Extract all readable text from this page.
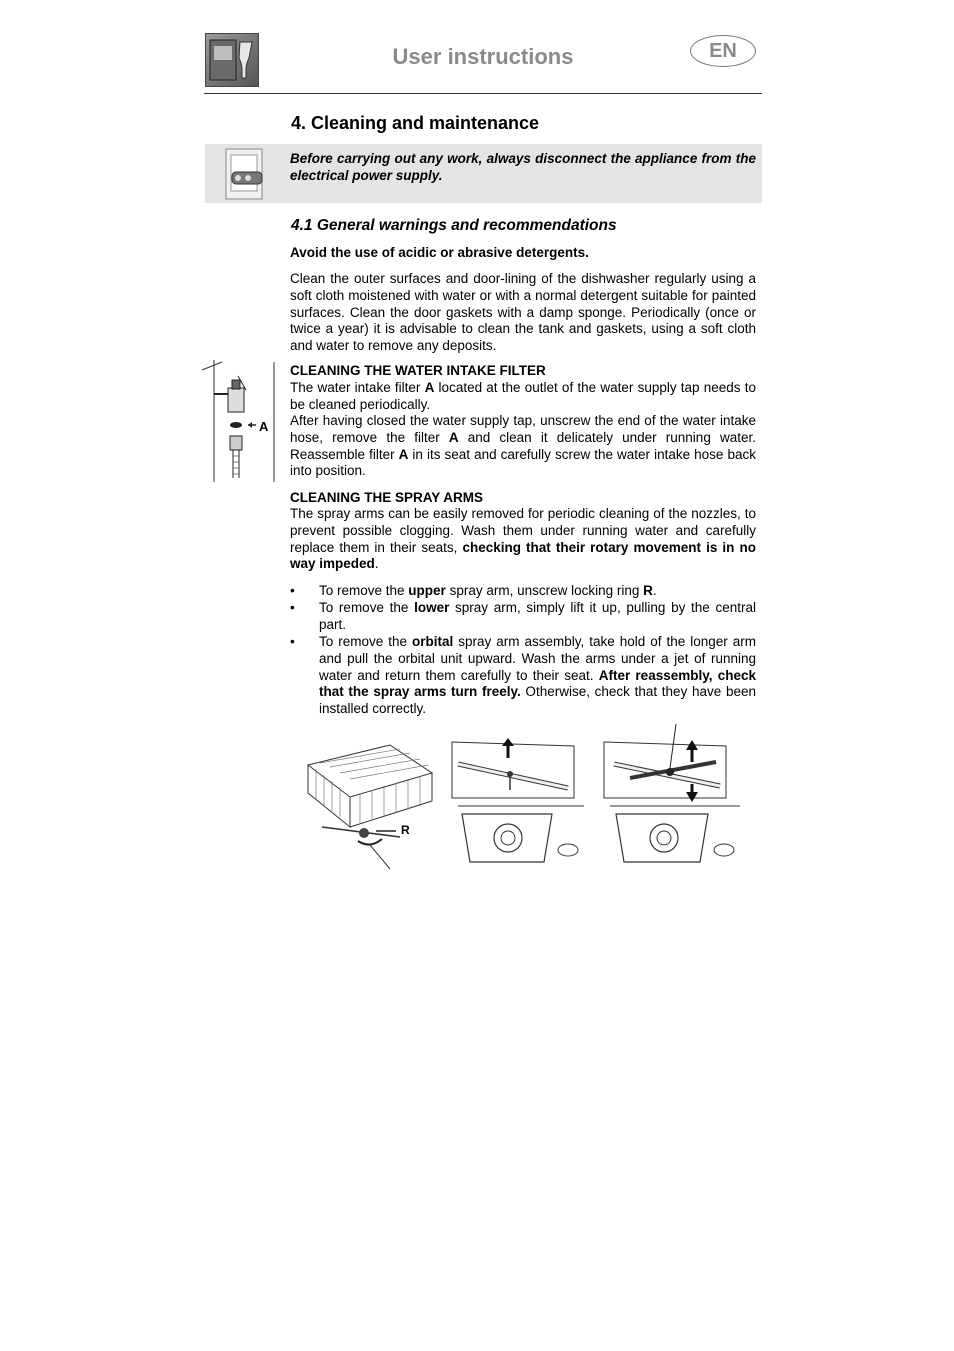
User instructions	EN
4. Cleaning and maintenance
Before carrying out any work, always disconnect the appliance from the electrical power supply.
4.1 General warnings and recommendations
Avoid the use of acidic or abrasive detergents.
Clean the outer surfaces and door-lining of the dishwasher regularly using a soft cloth moistened with water or with a normal detergent suitable for painted surfaces. Clean the door gaskets with a damp sponge. Periodically (once or twice a year) it is advisable to clean the tank and gaskets, using a soft cloth and water to remove any deposits.
A
CLEANING THE WATER INTAKE FILTER
The water intake filter A located at the outlet of the water supply tap needs to be cleaned periodically.
After having closed the water supply tap, unscrew the end of the water intake hose, remove the filter A and clean it delicately under running water. Reassemble filter A in its seat and carefully screw the water intake hose back into position.
CLEANING THE SPRAY ARMS
The spray arms can be easily removed for periodic cleaning of the nozzles, to prevent possible clogging. Wash them under running water and carefully replace them in their seats, checking that their rotary movement is in no way impeded.
• To remove the upper spray arm, unscrew locking ring R.
• To remove the lower spray arm, simply lift it up, pulling by the central part.
• To remove the orbital spray arm assembly, take hold of the longer arm and pull the orbital unit upward. Wash the arms under a jet of running water and return them carefully to their seat. After reassembly, check that the spray arms turn freely. Otherwise, check that they have been installed correctly.
R
